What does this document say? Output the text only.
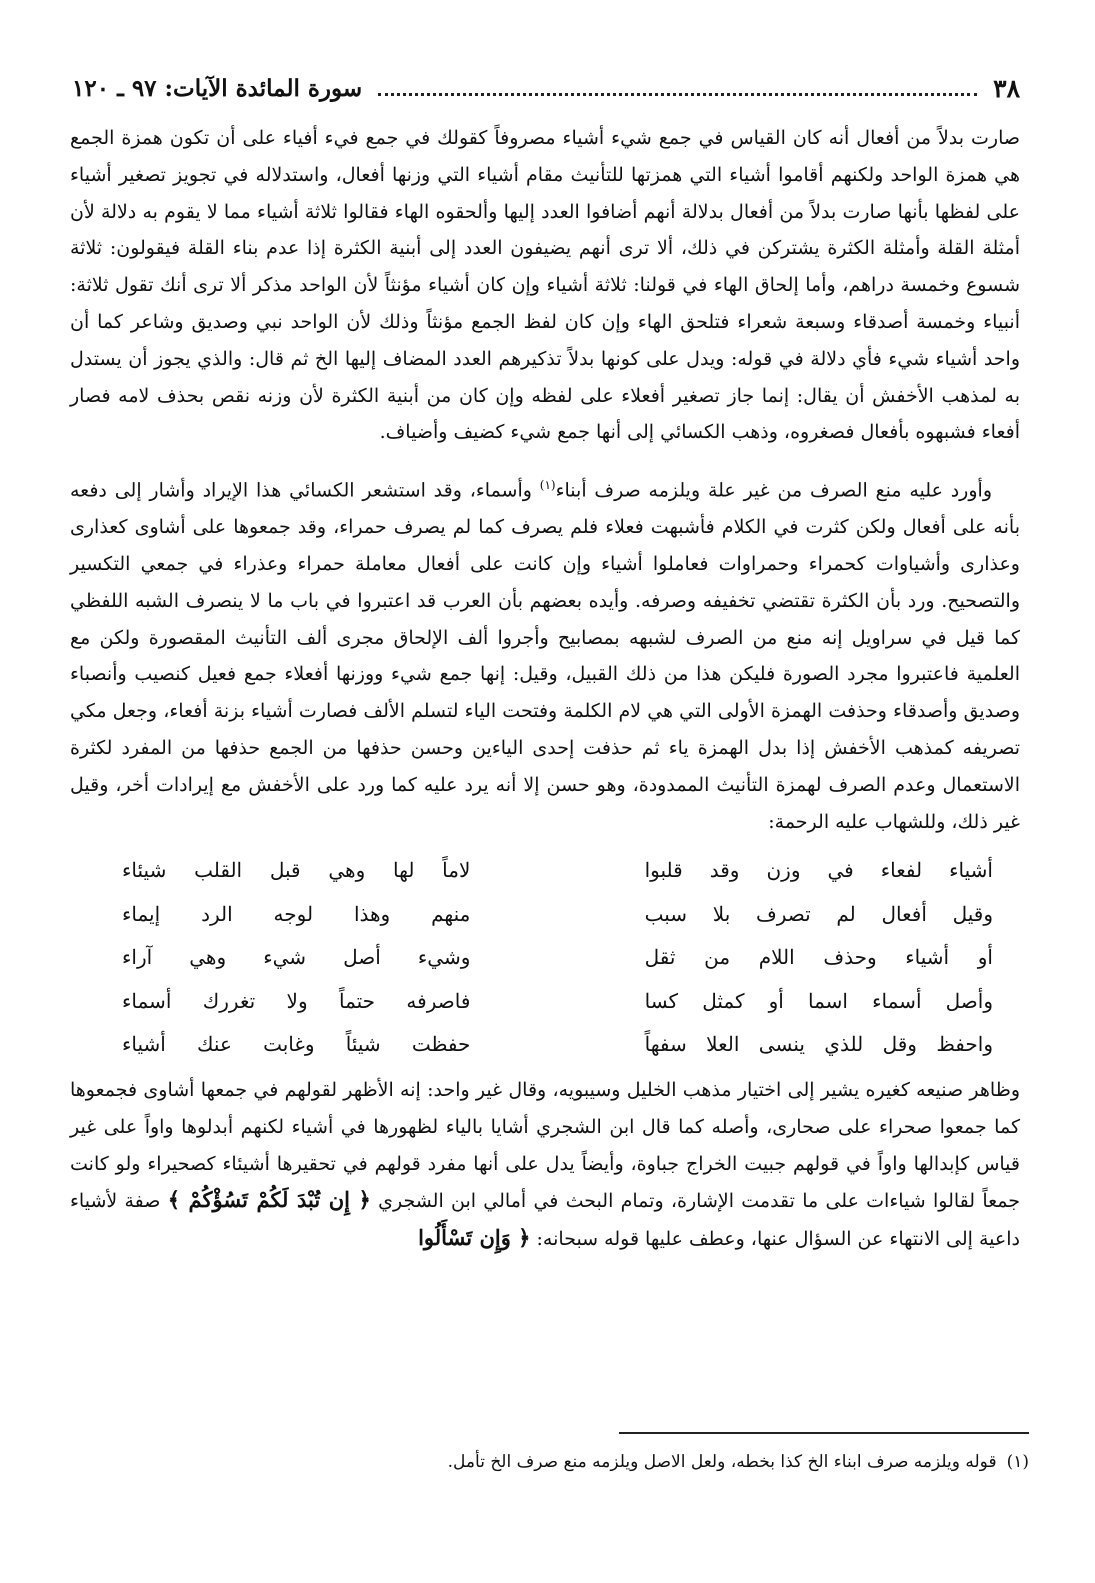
٣٨
سورة المائدة الآيات: ٩٧ ـ ١٢٠

صارت بدلاً من أفعال أنه كان القياس في جمع شيء أشياء مصروفاً كقولك في جمع فيء أفياء على أن تكون همزة الجمع هي همزة الواحد ولكنهم أقاموا أشياء التي همزتها للتأنيث مقام أشياء التي وزنها أفعال، واستدلاله في تجويز تصغير أشياء على لفظها بأنها صارت بدلاً من أفعال بدلالة أنهم أضافوا العدد إليها وألحقوه الهاء فقالوا ثلاثة أشياء مما لا يقوم به دلالة لأن أمثلة القلة وأمثلة الكثرة يشتركن في ذلك، ألا ترى أنهم يضيفون العدد إلى أبنية الكثرة إذا عدم بناء القلة فيقولون: ثلاثة شسوع وخمسة دراهم، وأما إلحاق الهاء في قولنا: ثلاثة أشياء وإن كان أشياء مؤنثاً لأن الواحد مذكر ألا ترى أنك تقول ثلاثة: أنبياء وخمسة أصدقاء وسبعة شعراء فتلحق الهاء وإن كان لفظ الجمع مؤنثاً وذلك لأن الواحد نبي وصديق وشاعر كما أن واحد أشياء شيء فأي دلالة في قوله: ويدل على كونها بدلاً تذكيرهم العدد المضاف إليها الخ ثم قال: والذي يجوز أن يستدل به لمذهب الأخفش أن يقال: إنما جاز تصغير أفعلاء على لفظه وإن كان من أبنية الكثرة لأن وزنه نقص بحذف لامه فصار أفعاء فشبهوه بأفعال فصغروه، وذهب الكسائي إلى أنها جمع شيء كضيف وأضياف.

وأورد عليه منع الصرف من غير علة ويلزمه صرف أبناء$^{(١)}$ وأسماء، وقد استشعر الكسائي هذا الإيراد وأشار إلى دفعه بأنه على أفعال ولكن كثرت في الكلام فأشبهت فعلاء فلم يصرف كما لم يصرف حمراء، وقد جمعوها على أشاوى كعذارى وعذارى وأشياوات كحمراء وحمراوات فعاملوا أشياء وإن كانت على أفعال معاملة حمراء وعذراء في جمعي التكسير والتصحيح. ورد بأن الكثرة تقتضي تخفيفه وصرفه. وأيده بعضهم بأن العرب قد اعتبروا في باب ما لا ينصرف الشبه اللفظي كما قيل في سراويل إنه منع من الصرف لشبهه بمصابيح وأجروا ألف الإلحاق مجرى ألف التأنيث المقصورة ولكن مع العلمية فاعتبروا مجرد الصورة فليكن هذا من ذلك القبيل، وقيل: إنها جمع شيء ووزنها أفعلاء جمع فعيل كنصيب وأنصباء وصديق وأصدقاء وحذفت الهمزة الأولى التي هي لام الكلمة وفتحت الياء لتسلم الألف فصارت أشياء بزنة أفعاء، وجعل مكي تصريفه كمذهب الأخفش إذا بدل الهمزة ياء ثم حذفت إحدى الياءين وحسن حذفها من الجمع حذفها من المفرد لكثرة الاستعمال وعدم الصرف لهمزة التأنيث الممدودة، وهو حسن إلا أنه يرد عليه كما ورد على الأخفش مع إيرادات أخر، وقيل غير ذلك، وللشهاب عليه الرحمة:

أشياء لفعاء في وزن وقد قلبوا
لاماً لها وهي قبل القلب شيئاء
وقيل أفعال لم تصرف بلا سبب
منهم وهذا لوجه الرد إيماء
أو أشياء وحذف اللام من ثقل
وشيء أصل شيء وهي آراء
وأصل أسماء اسما أو كمثل كسا
فاصرفه حتماً ولا تغررك أسماء
واحفظ وقل للذي ينسى العلا سفهاً
حفظت شيئاً وغابت عنك أشياء

وظاهر صنيعه كغيره يشير إلى اختيار مذهب الخليل وسيبويه، وقال غير واحد: إنه الأظهر لقولهم في جمعها أشاوى فجمعوها كما جمعوا صحراء على صحارى، وأصله كما قال ابن الشجري أشايا بالياء لظهورها في أشياء لكنهم أبدلوها واواً على غير قياس كإبدالها واواً في قولهم جبيت الخراج جباوة، وأيضاً يدل على أنها مفرد قولهم في تحقيرها أشيئاء كصحيراء ولو كانت جمعاً لقالوا شياءات على ما تقدمت الإشارة، وتمام البحث في أمالي ابن الشجري ﴿ إِن تُبْدَ لَكُمْ تَسُؤْكُمْ ﴾ صفة لأشياء داعية إلى الانتهاء عن السؤال عنها، وعطف عليها قوله سبحانه: ﴿ وَإِن تَسْأَلُوا

(١)قوله ويلزمه صرف ابناء الخ كذا بخطه، ولعل الاصل ويلزمه منع صرف الخ تأمل.
